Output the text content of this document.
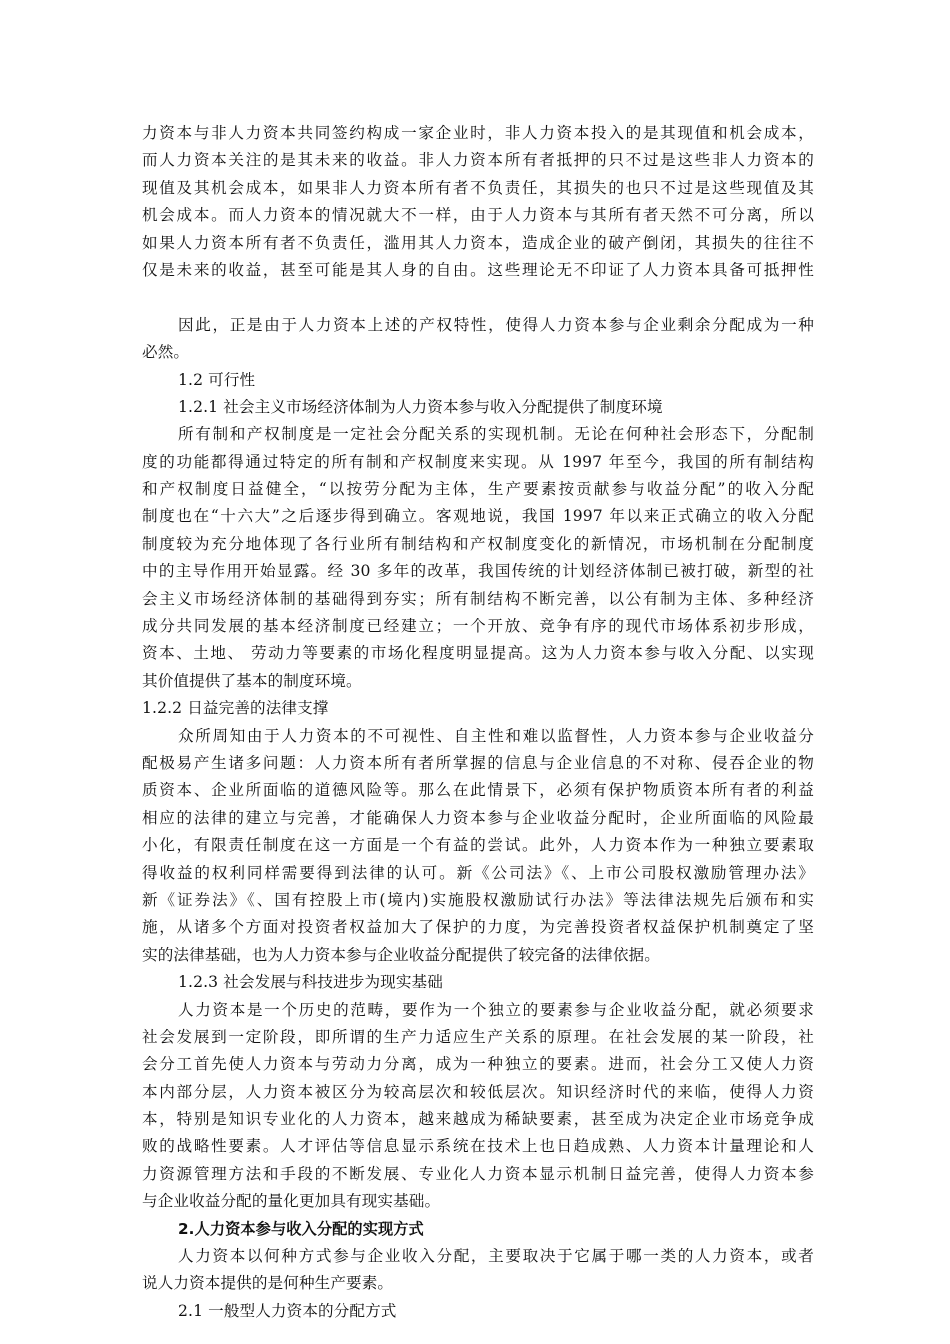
力资本与非人力资本共同签约构成一家企业时，非人力资本投入的是其现值和机会成本，
而人力资本关注的是其未来的收益。非人力资本所有者抵押的只不过是这些非人力资本的
现值及其机会成本，如果非人力资本所有者不负责任，其损失的也只不过是这些现值及其
机会成本。而人力资本的情况就大不一样，由于人力资本与其所有者天然不可分离，所以
如果人力资本所有者不负责任，滥用其人力资本，造成企业的破产倒闭，其损失的往往不
仅是未来的收益，甚至可能是其人身的自由。这些理论无不印证了人力资本具备可抵押性
因此，正是由于人力资本上述的产权特性，使得人力资本参与企业剩余分配成为一种
必然。
1.2 可行性
1.2.1 社会主义市场经济体制为人力资本参与收入分配提供了制度环境
所有制和产权制度是一定社会分配关系的实现机制。无论在何种社会形态下，分配制
度的功能都得通过特定的所有制和产权制度来实现。从 1997 年至今，我国的所有制结构
和产权制度日益健全，“以按劳分配为主体，生产要素按贡献参与收益分配”的收入分配
制度也在“十六大”之后逐步得到确立。客观地说，我国 1997 年以来正式确立的收入分配
制度较为充分地体现了各行业所有制结构和产权制度变化的新情况，市场机制在分配制度
中的主导作用开始显露。经 30 多年的改革，我国传统的计划经济体制已被打破，新型的社
会主义市场经济体制的基础得到夯实；所有制结构不断完善，以公有制为主体、多种经济
成分共同发展的基本经济制度已经建立；一个开放、竞争有序的现代市场体系初步形成，
资本、土地、 劳动力等要素的市场化程度明显提高。这为人力资本参与收入分配、以实现
其价值提供了基本的制度环境。
1.2.2 日益完善的法律支撑
众所周知由于人力资本的不可视性、自主性和难以监督性，人力资本参与企业收益分
配极易产生诸多问题：人力资本所有者所掌握的信息与企业信息的不对称、侵吞企业的物
质资本、企业所面临的道德风险等。那么在此情景下，必须有保护物质资本所有者的利益
相应的法律的建立与完善，才能确保人力资本参与企业收益分配时，企业所面临的风险最
小化，有限责任制度在这一方面是一个有益的尝试。此外，人力资本作为一种独立要素取
得收益的权利同样需要得到法律的认可。新《公司法》《、上市公司股权激励管理办法》
新《证券法》《、国有控股上市(境内)实施股权激励试行办法》等法律法规先后颁布和实
施，从诸多个方面对投资者权益加大了保护的力度，为完善投资者权益保护机制奠定了坚
实的法律基础，也为人力资本参与企业收益分配提供了较完备的法律依据。
1.2.3 社会发展与科技进步为现实基础
人力资本是一个历史的范畴，要作为一个独立的要素参与企业收益分配，就必须要求
社会发展到一定阶段，即所谓的生产力适应生产关系的原理。在社会发展的某一阶段，社
会分工首先使人力资本与劳动力分离，成为一种独立的要素。进而，社会分工又使人力资
本内部分层，人力资本被区分为较高层次和较低层次。知识经济时代的来临，使得人力资
本，特别是知识专业化的人力资本，越来越成为稀缺要素，甚至成为决定企业市场竞争成
败的战略性要素。人才评估等信息显示系统在技术上也日趋成熟、人力资本计量理论和人
力资源管理方法和手段的不断发展、专业化人力资本显示机制日益完善，使得人力资本参
与企业收益分配的量化更加具有现实基础。
2.人力资本参与收入分配的实现方式
人力资本以何种方式参与企业收入分配，主要取决于它属于哪一类的人力资本，或者
说人力资本提供的是何种生产要素。
2.1 一般型人力资本的分配方式
